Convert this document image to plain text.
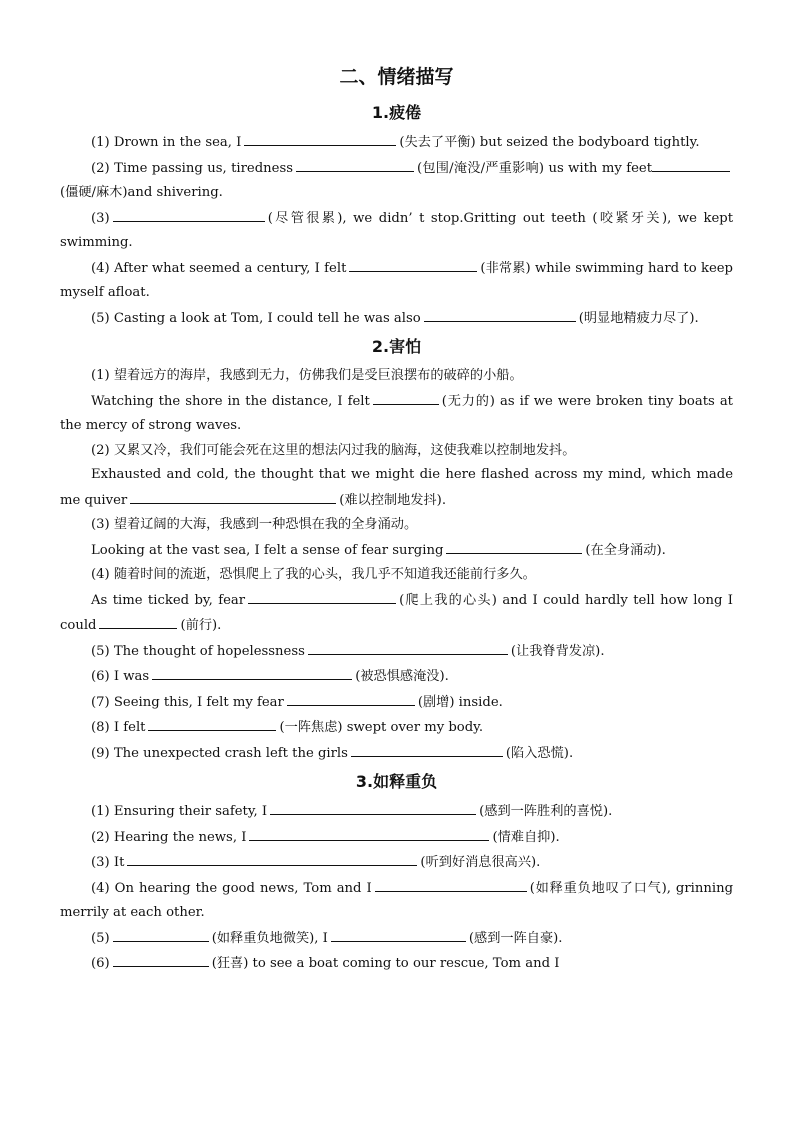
二、情绪描写
1.疲倦

(1) Drown in the sea, I	(失去了平衡) but seized the bodyboard tightly.

(2) Time passing us, tiredness	(包围/淹没/严重影响) us with my feet(僵硬/麻木)and shivering.

(3)	(尽管很累), we didn’ t stop.Gritting out teeth (咬紧牙关), we kept swimming.

(4) After what seemed a century, I felt	(非常累) while swimming hard to keep myself afloat.

(5) Casting a look at Tom, I could tell he was also	(明显地精疲力尽了).

2.害怕

(1) 望着远方的海岸，我感到无力，仿佛我们是受巨浪摆布的破碎的小船。

Watching the shore in the distance, I felt	(无力的) as if we were broken tiny boats at the mercy of strong waves.

(2) 又累又冷，我们可能会死在这里的想法闪过我的脑海，这使我难以控制地发抖。

Exhausted and cold, the thought that we might die here flashed across my mind, which made me quiver	(难以控制地发抖).

(3) 望着辽阔的大海，我感到一种恐惧在我的全身涌动。

Looking at the vast sea, I felt a sense of fear surging	(在全身涌动).

(4) 随着时间的流逝，恐惧爬上了我的心头，我几乎不知道我还能前行多久。

As time ticked by, fear	(爬上我的心头) and I could hardly tell how long I could	(前行).

(5) The thought of hopelessness	(让我脊背发凉).

(6) I was	(被恐惧感淹没).

(7) Seeing this, I felt my fear	(剧增) inside.

(8) I felt	(一阵焦虑) swept over my body.

(9) The unexpected crash left the girls	(陷入恐慌).

3.如释重负

(1) Ensuring their safety, I	(感到一阵胜利的喜悦).

(2) Hearing the news, I	(情难自抑).

(3) It	(听到好消息很高兴).

(4) On hearing the good news, Tom and I	(如释重负地叹了口气), grinning merrily at each other.

(5)	(如释重负地微笑), I	(感到一阵自豪).

(6)	(狂喜) to see a boat coming to our rescue, Tom and I
